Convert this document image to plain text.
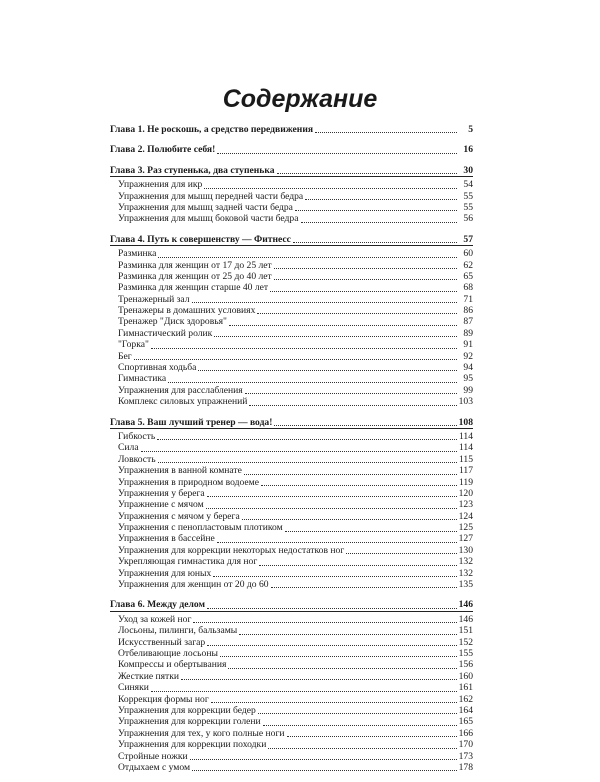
Содержание
Глава 1. Не роскошь, а средство передвижения	5
Глава 2. Полюбите себя!	16
Глава 3. Раз ступенька, два ступенька	30
Упражнения для икр	54
Упражнения для мышц передней части бедра	55
Упражнения для мышц задней части бедра	55
Упражнения для мышц боковой части бедра	56
Глава 4. Путь к совершенству — Фитнесс	57
Разминка	60
Разминка для женщин от 17 до 25 лет	62
Разминка для женщин от 25 до 40 лет	65
Разминка для женщин старше 40 лет	68
Тренажерный зал	71
Тренажеры в домашних условиях	86
Тренажер "Диск здоровья"	87
Гимнастический ролик	89
"Горка"	91
Бег	92
Спортивная ходьба	94
Гимнастика	95
Упражнения для расслабления	99
Комплекс силовых упражнений	103
Глава 5. Ваш лучший тренер — вода!	108
Гибкость	114
Сила	114
Ловкость	115
Упражнения в ванной комнате	117
Упражнения в природном водоеме	119
Упражнения у берега	120
Упражнение с мячом	123
Упражнения с мячом у берега	124
Упражнения с пенопластовым плотиком	125
Упражнения в бассейне	127
Упражнения для коррекции некоторых недостатков ног	130
Укрепляющая гимнастика для ног	132
Упражнения для юных	132
Упражнения для женщин от 20 до 60	135
Глава 6. Между делом	146
Уход за кожей ног	146
Лосьоны, пилинги, бальзамы	151
Искусственный загар	152
Отбеливающие лосьоны	155
Компрессы и обертывания	156
Жесткие пятки	160
Синяки	161
Коррекция формы ног	162
Упражнения для коррекции бедер	164
Упражнения для коррекции голени	165
Упражнения для тех, у кого полные ноги	166
Упражнения для коррекции походки	170
Стройные ножки	173
Отдыхаем с умом	178
